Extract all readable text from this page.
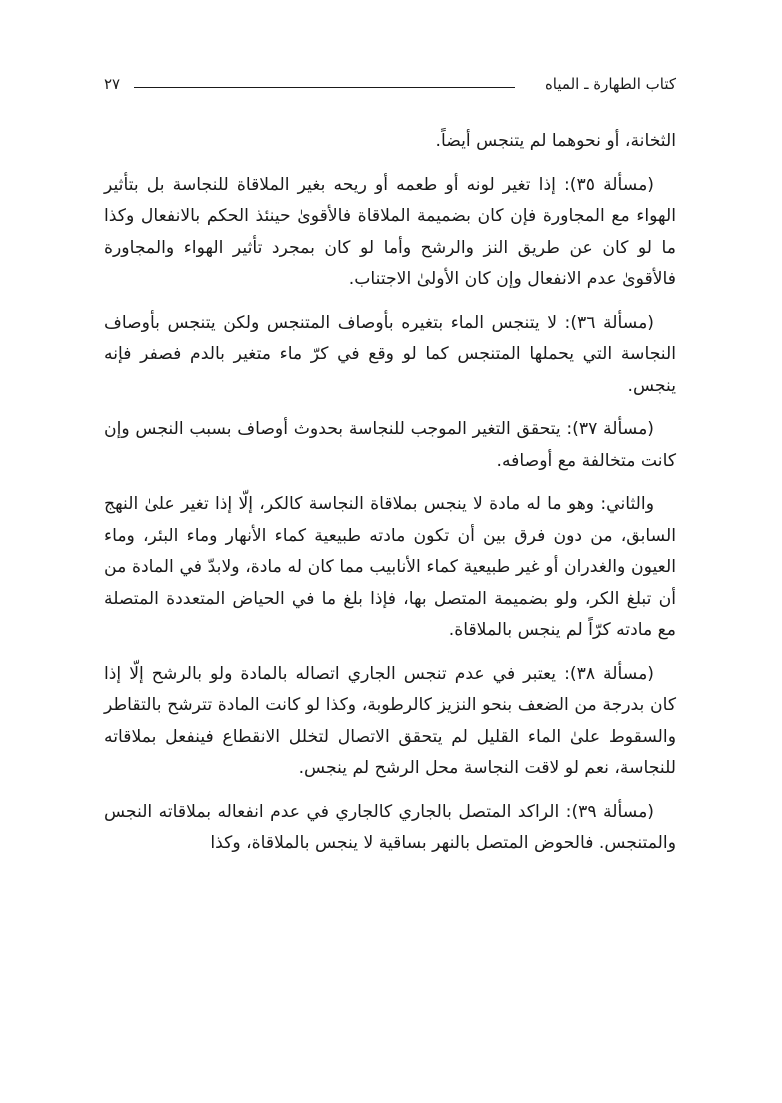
كتاب الطهارة ـ المياه
٢٧

الثخانة، أو نحوهما لم يتنجس أيضاً.

(مسألة ٣٥): إذا تغير لونه أو طعمه أو ريحه بغير الملاقاة للنجاسة بل بتأثير الهواء مع المجاورة فإن كان بضميمة الملاقاة فالأقوىٰ حينئذ الحكم بالانفعال وكذا ما لو كان عن طريق النز والرشح وأما لو كان بمجرد تأثير الهواء والمجاورة فالأقوىٰ عدم الانفعال وإن كان الأولىٰ الاجتناب.

(مسألة ٣٦): لا يتنجس الماء بتغيره بأوصاف المتنجس ولكن يتنجس بأوصاف النجاسة التي يحملها المتنجس كما لو وقع في كرّ ماء متغير بالدم فصفر فإنه ينجس.

(مسألة ٣٧): يتحقق التغير الموجب للنجاسة بحدوث أوصاف بسبب النجس وإن كانت متخالفة مع أوصافه.

والثاني: وهو ما له مادة لا ينجس بملاقاة النجاسة كالكر، إلّا إذا تغير علىٰ النهج السابق، من دون فرق بين أن تكون مادته طبيعية كماء الأنهار وماء البئر، وماء العيون والغدران أو غير طبيعية كماء الأنابيب مما كان له مادة، ولابدّ في المادة من أن تبلغ الكر، ولو بضميمة المتصل بها، فإذا بلغ ما في الحياض المتعددة المتصلة مع مادته كرّاً لم ينجس بالملاقاة.

(مسألة ٣٨): يعتبر في عدم تنجس الجاري اتصاله بالمادة ولو بالرشح إلّا إذا كان بدرجة من الضعف بنحو النزيز كالرطوبة، وكذا لو كانت المادة تترشح بالتقاطر والسقوط علىٰ الماء القليل لم يتحقق الاتصال لتخلل الانقطاع فينفعل بملاقاته للنجاسة، نعم لو لاقت النجاسة محل الرشح لم ينجس.

(مسألة ٣٩): الراكد المتصل بالجاري كالجاري في عدم انفعاله بملاقاته النجس والمتنجس. فالحوض المتصل بالنهر بساقية لا ينجس بالملاقاة، وكذا
